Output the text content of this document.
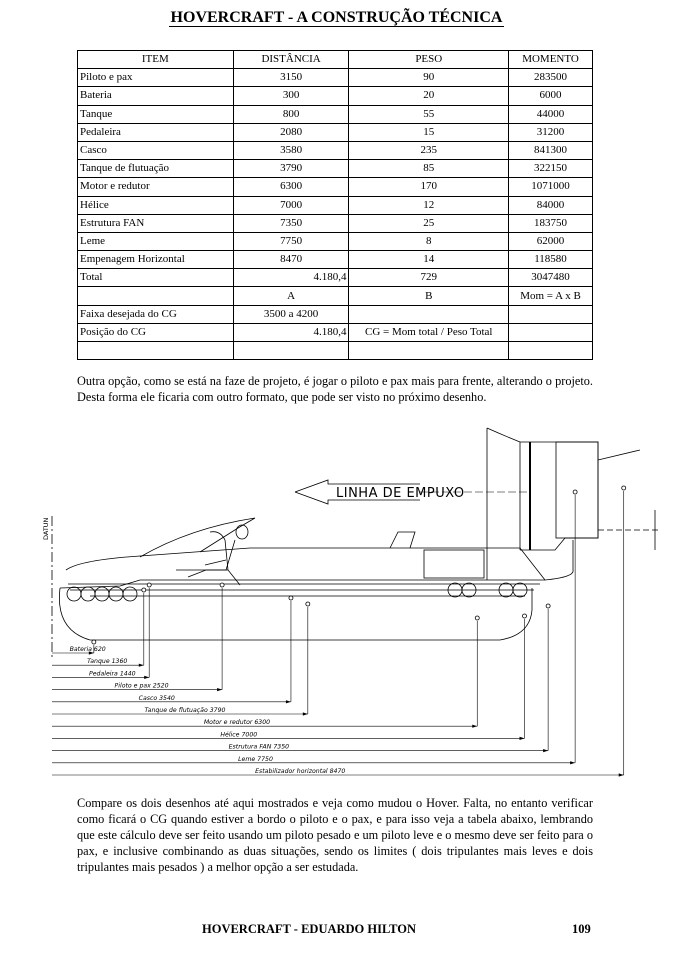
HOVERCRAFT - A CONSTRUÇÃO TÉCNICA
ITEM	DISTÂNCIA	PESO	MOMENTO
Piloto e pax	3150	90	283500
Bateria	300	20	6000
Tanque	800	55	44000
Pedaleira	2080	15	31200
Casco	3580	235	841300
Tanque de flutuação	3790	85	322150
Motor e redutor	6300	170	1071000
Hélice	7000	12	84000
Estrutura FAN	7350	25	183750
Leme	7750	8	62000
Empenagem Horizontal	8470	14	118580
Total	4.180,4	729	3047480
	A	B	Mom = A x B
Faixa desejada do CG	3500 a 4200		
Posição do CG	4.180,4	CG = Mom total / Peso Total	

Outra opção, como se está na faze de projeto, é jogar o piloto e pax mais para frente, alterando o projeto. Desta forma ele ficaria com outro formato, que pode ser visto no próximo desenho.

LINHA DE EMPUXO
DATUN
Bateria 620
Tanque 1360
Pedaleira 1440
Piloto e pax 2520
Casco 3540
Tanque de flutuação 3790
Motor e redutor 6300
Hélice 7000
Estrutura FAN 7350
Leme 7750
Estabilizador horizontal 8470

Compare os dois desenhos até aqui mostrados e veja como mudou o Hover. Falta, no entanto verificar como ficará o CG quando estiver a bordo o piloto e o pax, e para isso veja a tabela abaixo, lembrando que este cálculo deve ser feito usando um piloto pesado e um piloto leve e o mesmo deve ser feito para o pax, e inclusive combinando as duas situações, sendo os limites ( dois tripulantes mais leves e dois tripulantes mais pesados ) a melhor opção a ser estudada.

HOVERCRAFT - EDUARDO HILTON	109
